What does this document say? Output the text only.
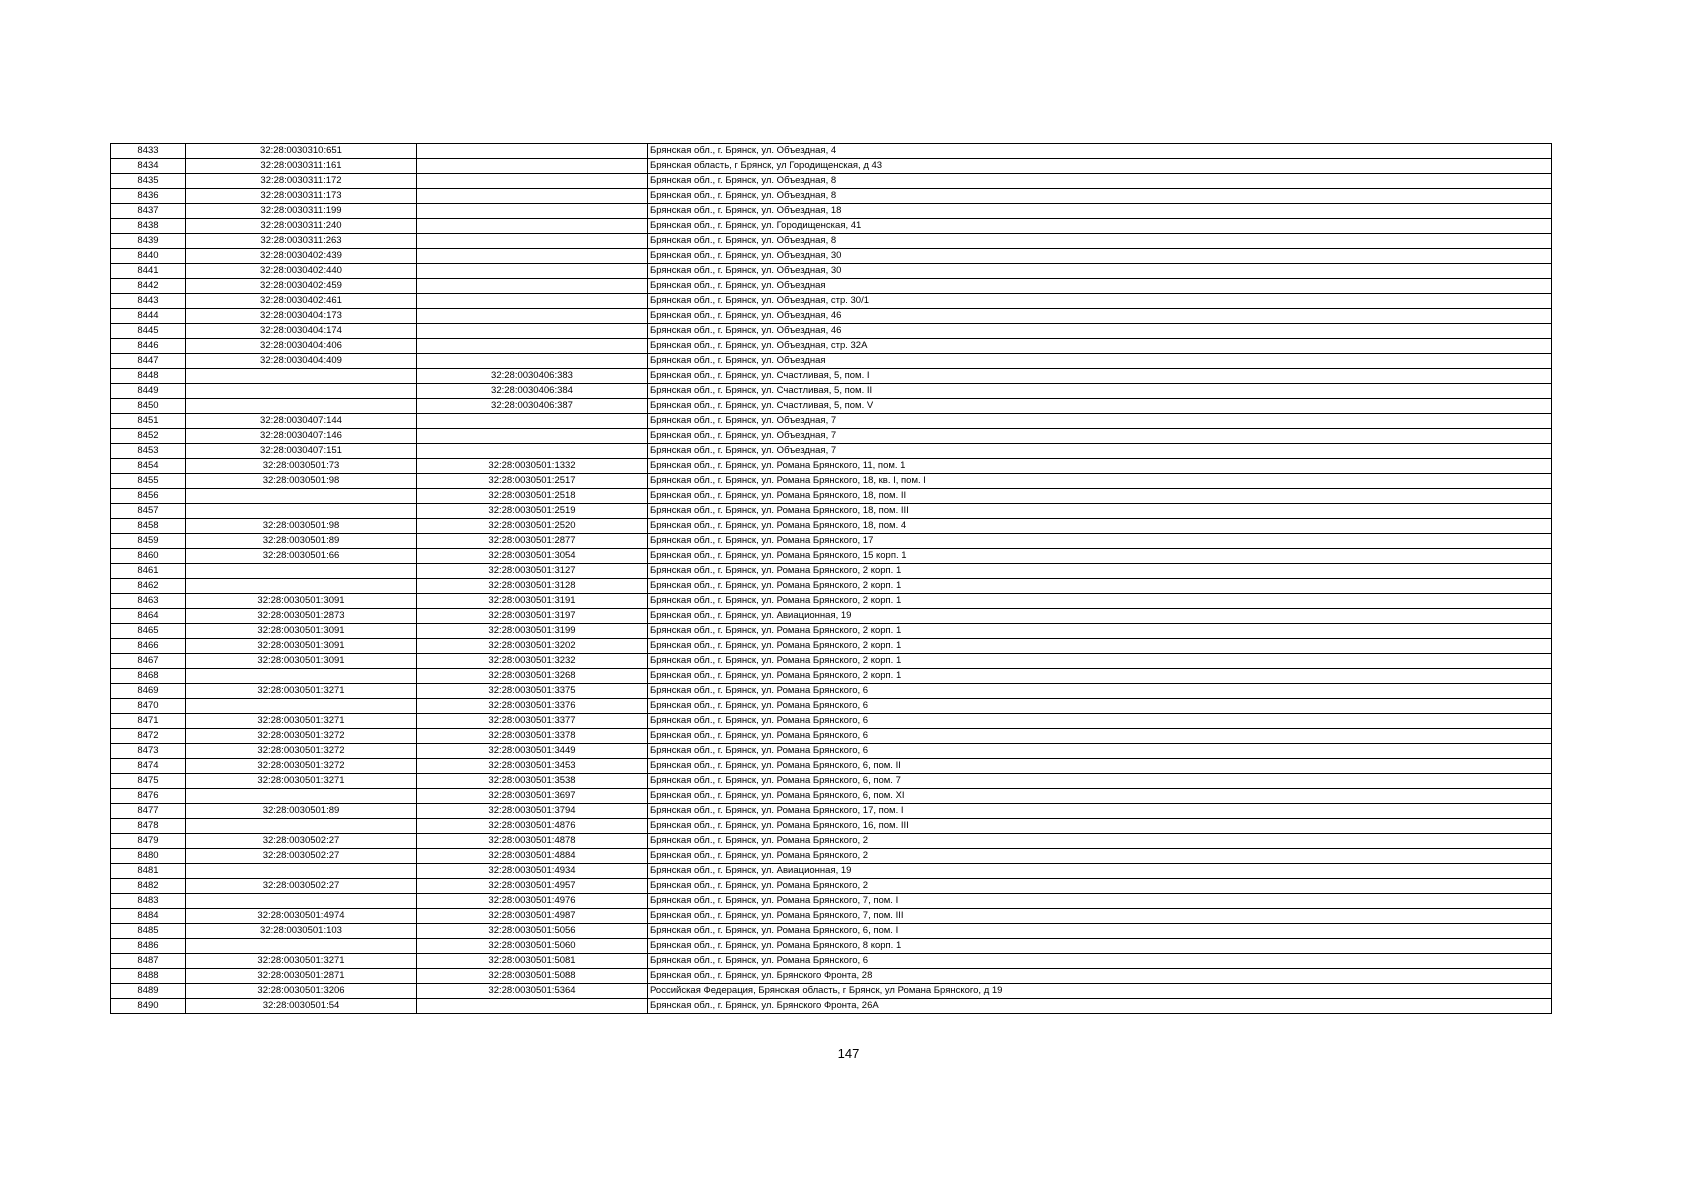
8433	32:28:0030310:651		Брянская обл., г. Брянск, ул. Объездная, 4
8434	32:28:0030311:161		Брянская область, г Брянск, ул Городищенская, д 43
8435	32:28:0030311:172		Брянская обл., г. Брянск, ул. Объездная, 8
8436	32:28:0030311:173		Брянская обл., г. Брянск, ул. Объездная, 8
8437	32:28:0030311:199		Брянская обл., г. Брянск, ул. Объездная, 18
8438	32:28:0030311:240		Брянская обл., г. Брянск, ул. Городищенская, 41
8439	32:28:0030311:263		Брянская обл., г. Брянск, ул. Объездная, 8
8440	32:28:0030402:439		Брянская обл., г. Брянск, ул. Объездная, 30
8441	32:28:0030402:440		Брянская обл., г. Брянск, ул. Объездная, 30
8442	32:28:0030402:459		Брянская обл., г. Брянск, ул. Объездная
8443	32:28:0030402:461		Брянская обл., г. Брянск, ул. Объездная, стр. 30/1
8444	32:28:0030404:173		Брянская обл., г. Брянск, ул. Объездная, 46
8445	32:28:0030404:174		Брянская обл., г. Брянск, ул. Объездная, 46
8446	32:28:0030404:406		Брянская обл., г. Брянск, ул. Объездная, стр. 32А
8447	32:28:0030404:409		Брянская обл., г. Брянск, ул. Объездная
8448		32:28:0030406:383	Брянская обл., г. Брянск, ул. Счастливая, 5, пом. I
8449		32:28:0030406:384	Брянская обл., г. Брянск, ул. Счастливая, 5, пом. II
8450		32:28:0030406:387	Брянская обл., г. Брянск, ул. Счастливая, 5, пом. V
8451	32:28:0030407:144		Брянская обл., г. Брянск, ул. Объездная, 7
8452	32:28:0030407:146		Брянская обл., г. Брянск, ул. Объездная, 7
8453	32:28:0030407:151		Брянская обл., г. Брянск, ул. Объездная, 7
8454	32:28:0030501:73	32:28:0030501:1332	Брянская обл., г. Брянск, ул. Романа Брянского, 11, пом. 1
8455	32:28:0030501:98	32:28:0030501:2517	Брянская обл., г. Брянск, ул. Романа Брянского, 18, кв. I, пом. I
8456		32:28:0030501:2518	Брянская обл., г. Брянск, ул. Романа Брянского, 18, пом. II
8457		32:28:0030501:2519	Брянская обл., г. Брянск, ул. Романа Брянского, 18, пом. III
8458	32:28:0030501:98	32:28:0030501:2520	Брянская обл., г. Брянск, ул. Романа Брянского, 18, пом. 4
8459	32:28:0030501:89	32:28:0030501:2877	Брянская обл., г. Брянск, ул. Романа Брянского, 17
8460	32:28:0030501:66	32:28:0030501:3054	Брянская обл., г. Брянск, ул. Романа Брянского, 15 корп. 1
8461		32:28:0030501:3127	Брянская обл., г. Брянск, ул. Романа Брянского, 2 корп. 1
8462		32:28:0030501:3128	Брянская обл., г. Брянск, ул. Романа Брянского, 2 корп. 1
8463	32:28:0030501:3091	32:28:0030501:3191	Брянская обл., г. Брянск, ул. Романа Брянского, 2 корп. 1
8464	32:28:0030501:2873	32:28:0030501:3197	Брянская обл., г. Брянск, ул. Авиационная, 19
8465	32:28:0030501:3091	32:28:0030501:3199	Брянская обл., г. Брянск, ул. Романа Брянского, 2 корп. 1
8466	32:28:0030501:3091	32:28:0030501:3202	Брянская обл., г. Брянск, ул. Романа Брянского, 2 корп. 1
8467	32:28:0030501:3091	32:28:0030501:3232	Брянская обл., г. Брянск, ул. Романа Брянского, 2 корп. 1
8468		32:28:0030501:3268	Брянская обл., г. Брянск, ул. Романа Брянского, 2 корп. 1
8469	32:28:0030501:3271	32:28:0030501:3375	Брянская обл., г. Брянск, ул. Романа Брянского, 6
8470		32:28:0030501:3376	Брянская обл., г. Брянск, ул. Романа Брянского, 6
8471	32:28:0030501:3271	32:28:0030501:3377	Брянская обл., г. Брянск, ул. Романа Брянского, 6
8472	32:28:0030501:3272	32:28:0030501:3378	Брянская обл., г. Брянск, ул. Романа Брянского, 6
8473	32:28:0030501:3272	32:28:0030501:3449	Брянская обл., г. Брянск, ул. Романа Брянского, 6
8474	32:28:0030501:3272	32:28:0030501:3453	Брянская обл., г. Брянск, ул. Романа Брянского, 6, пом. II
8475	32:28:0030501:3271	32:28:0030501:3538	Брянская обл., г. Брянск, ул. Романа Брянского, 6, пом. 7
8476		32:28:0030501:3697	Брянская обл., г. Брянск, ул. Романа Брянского, 6, пом. XI
8477	32:28:0030501:89	32:28:0030501:3794	Брянская обл., г. Брянск, ул. Романа Брянского, 17, пом. I
8478		32:28:0030501:4876	Брянская обл., г. Брянск, ул. Романа Брянского, 16, пом. III
8479	32:28:0030502:27	32:28:0030501:4878	Брянская обл., г. Брянск, ул. Романа Брянского, 2
8480	32:28:0030502:27	32:28:0030501:4884	Брянская обл., г. Брянск, ул. Романа Брянского, 2
8481		32:28:0030501:4934	Брянская обл., г. Брянск, ул. Авиационная, 19
8482	32:28:0030502:27	32:28:0030501:4957	Брянская обл., г. Брянск, ул. Романа Брянского, 2
8483		32:28:0030501:4976	Брянская обл., г. Брянск, ул. Романа Брянского, 7, пом. I
8484	32:28:0030501:4974	32:28:0030501:4987	Брянская обл., г. Брянск, ул. Романа Брянского, 7, пом. III
8485	32:28:0030501:103	32:28:0030501:5056	Брянская обл., г. Брянск, ул. Романа Брянского, 6, пом. I
8486		32:28:0030501:5060	Брянская обл., г. Брянск, ул. Романа Брянского, 8 корп. 1
8487	32:28:0030501:3271	32:28:0030501:5081	Брянская обл., г. Брянск, ул. Романа Брянского, 6
8488	32:28:0030501:2871	32:28:0030501:5088	Брянская обл., г. Брянск, ул. Брянского Фронта, 28
8489	32:28:0030501:3206	32:28:0030501:5364	Российская Федерация, Брянская область, г Брянск, ул Романа Брянского, д 19
8490	32:28:0030501:54		Брянская обл., г. Брянск, ул. Брянского Фронта, 26А
147
